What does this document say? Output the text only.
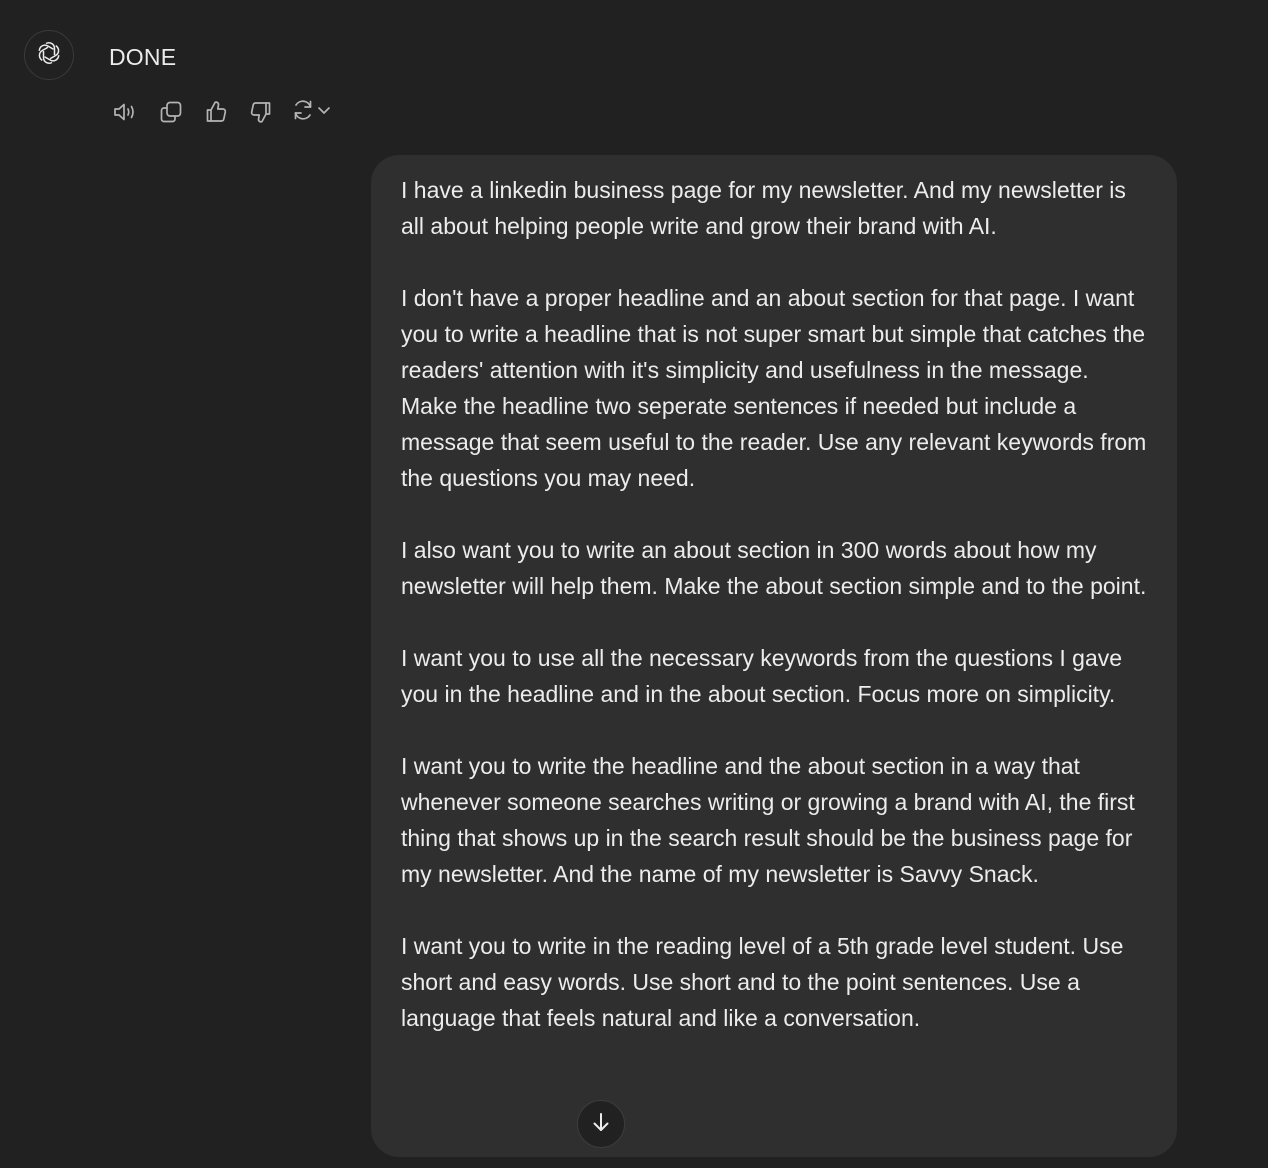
DONE

I have a linkedin business page for my newsletter. And my newsletter is all about helping people write and grow their brand with AI.

I don't have a proper headline and an about section for that page. I want you to write a headline that is not super smart but simple that catches the readers' attention with it's simplicity and usefulness in the message. Make the headline two seperate sentences if needed but include a message that seem useful to the reader. Use any relevant keywords from the questions you may need.

I also want you to write an about section in 300 words about how my newsletter will help them. Make the about section simple and to the point.

I want you to use all the necessary keywords from the questions I gave you in the headline and in the about section. Focus more on simplicity.

I want you to write the headline and the about section in a way that whenever someone searches writing or growing a brand with AI, the first thing that shows up in the search result should be the business page for my newsletter. And the name of my newsletter is Savvy Snack.

I want you to write in the reading level of a 5th grade level student. Use short and easy words. Use short and to the point sentences. Use a language that feels natural and like a conversation.
